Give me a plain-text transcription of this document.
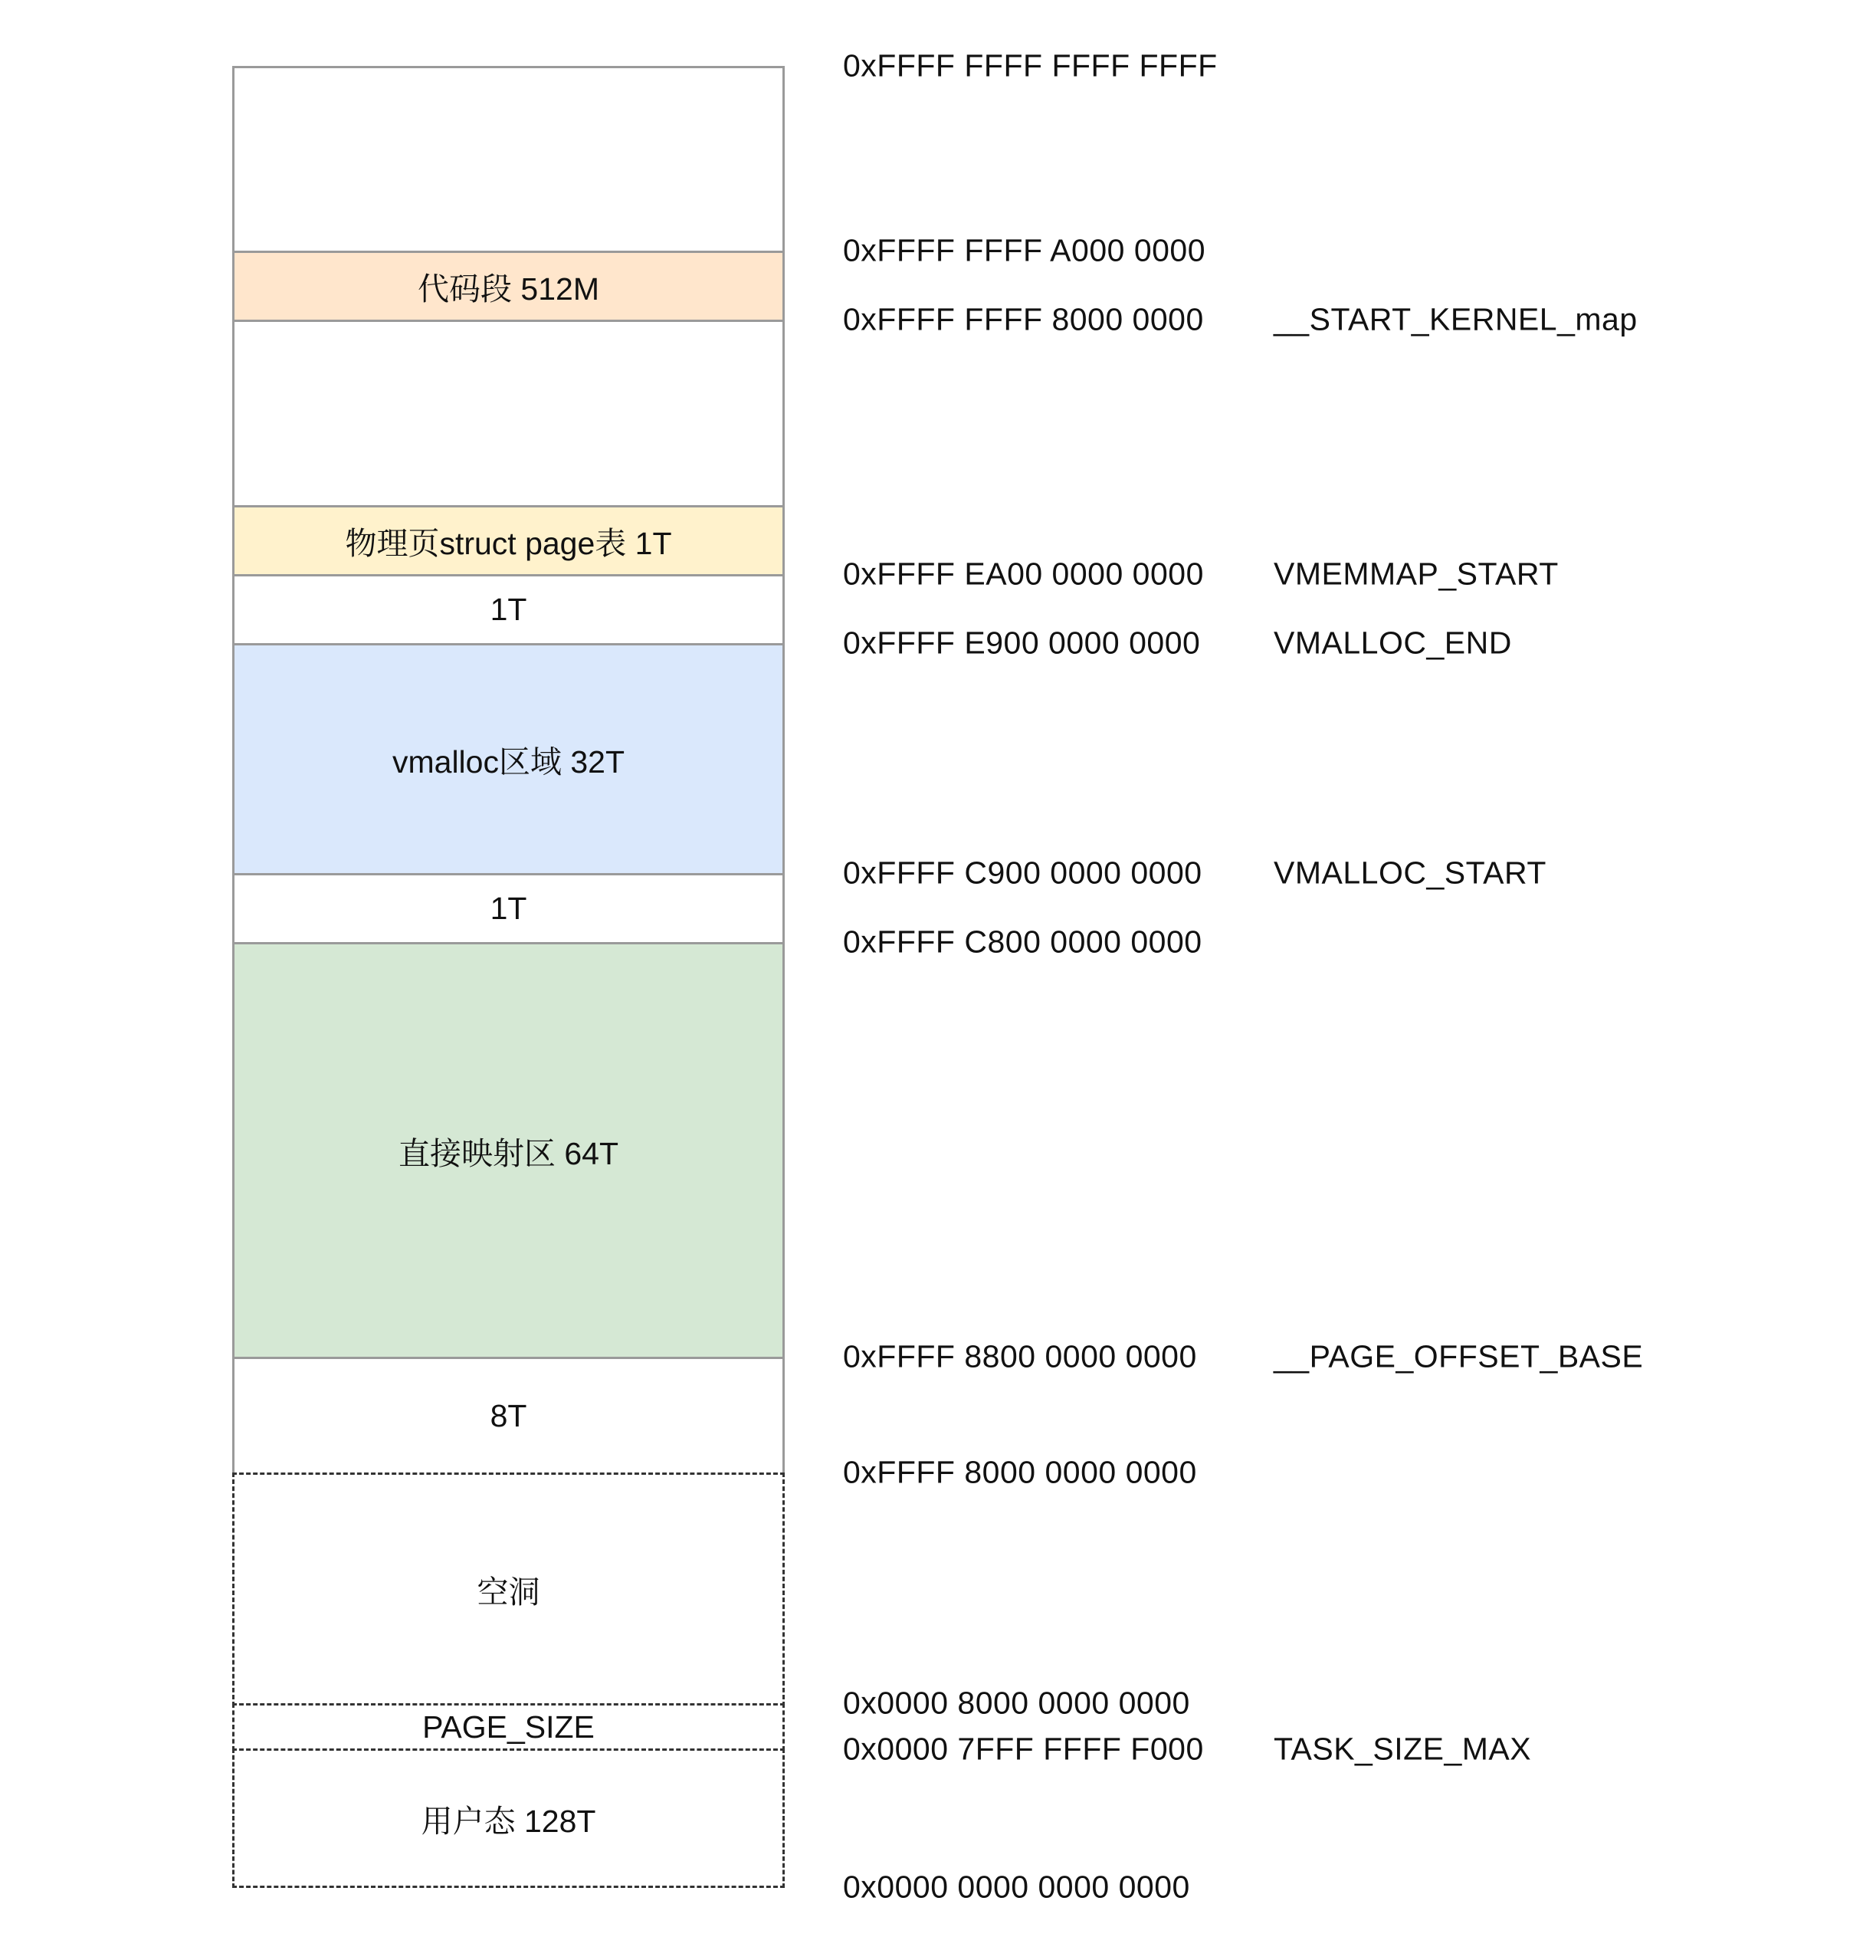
代码段 512M
物理页struct page表 1T
1T
vmalloc区域 32T
1T
直接映射区 64T
8T
空洞
PAGE_SIZE
用户态 128T
0xFFFF FFFF FFFF FFFF
0xFFFF FFFF A000 0000
0xFFFF FFFF 8000 0000
0xFFFF EA00 0000 0000
0xFFFF E900 0000 0000
0xFFFF C900 0000 0000
0xFFFF C800 0000 0000
0xFFFF 8800 0000 0000
0xFFFF 8000 0000 0000
0x0000 8000 0000 0000
0x0000 7FFF FFFF F000
0x0000 0000 0000 0000
__START_KERNEL_map
VMEMMAP_START
VMALLOC_END
VMALLOC_START
__PAGE_OFFSET_BASE
TASK_SIZE_MAX
